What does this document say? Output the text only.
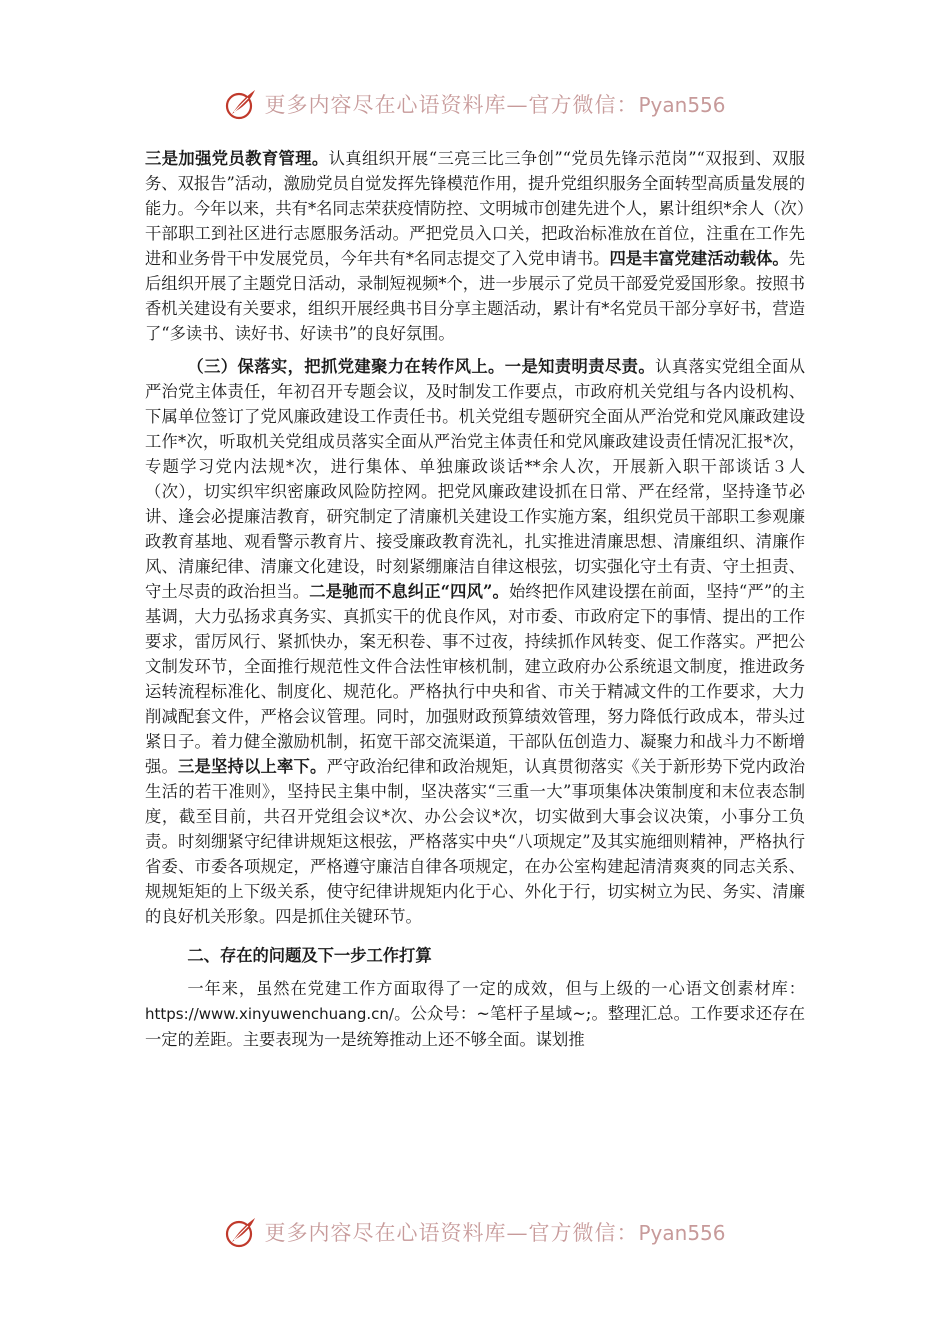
更多内容尽在心语资料库—官方微信：Pyan556

三是加强党员教育管理。认真组织开展“三亮三比三争创”“党员先锋示范岗”“双报到、双服务、双报告”活动，激励党员自觉发挥先锋模范作用，提升党组织服务全面转型高质量发展的能力。今年以来，共有*名同志荣获疫情防控、文明城市创建先进个人，累计组织*余人（次）干部职工到社区进行志愿服务活动。严把党员入口关，把政治标准放在首位，注重在工作先进和业务骨干中发展党员，今年共有*名同志提交了入党申请书。四是丰富党建活动载体。先后组织开展了主题党日活动，录制短视频*个，进一步展示了党员干部爱党爱国形象。按照书香机关建设有关要求，组织开展经典书目分享主题活动，累计有*名党员干部分享好书，营造了“多读书、读好书、好读书”的良好氛围。

（三）保落实，把抓党建聚力在转作风上。一是知责明责尽责。认真落实党组全面从严治党主体责任，年初召开专题会议，及时制发工作要点，市政府机关党组与各内设机构、下属单位签订了党风廉政建设工作责任书。机关党组专题研究全面从严治党和党风廉政建设工作*次，听取机关党组成员落实全面从严治党主体责任和党风廉政建设责任情况汇报*次，专题学习党内法规*次，进行集体、单独廉政谈话**余人次，开展新入职干部谈话３人（次），切实织牢织密廉政风险防控网。把党风廉政建设抓在日常、严在经常，坚持逢节必讲、逢会必提廉洁教育，研究制定了清廉机关建设工作实施方案，组织党员干部职工参观廉政教育基地、观看警示教育片、接受廉政教育洗礼，扎实推进清廉思想、清廉组织、清廉作风、清廉纪律、清廉文化建设，时刻紧绷廉洁自律这根弦，切实强化守土有责、守土担责、守土尽责的政治担当。二是驰而不息纠正“四风”。始终把作风建设摆在前面，坚持“严”的主基调，大力弘扬求真务实、真抓实干的优良作风，对市委、市政府定下的事情、提出的工作要求，雷厉风行、紧抓快办，案无积卷、事不过夜，持续抓作风转变、促工作落实。严把公文制发环节，全面推行规范性文件合法性审核机制，建立政府办公系统退文制度，推进政务运转流程标准化、制度化、规范化。严格执行中央和省、市关于精减文件的工作要求，大力削减配套文件，严格会议管理。同时，加强财政预算绩效管理，努力降低行政成本，带头过紧日子。着力健全激励机制，拓宽干部交流渠道，干部队伍创造力、凝聚力和战斗力不断增强。三是坚持以上率下。严守政治纪律和政治规矩，认真贯彻落实《关于新形势下党内政治生活的若干准则》，坚持民主集中制，坚决落实“三重一大”事项集体决策制度和末位表态制度，截至目前，共召开党组会议*次、办公会议*次，切实做到大事会议决策，小事分工负责。时刻绷紧守纪律讲规矩这根弦，严格落实中央“八项规定”及其实施细则精神，严格执行省委、市委各项规定，严格遵守廉洁自律各项规定，在办公室构建起清清爽爽的同志关系、规规矩矩的上下级关系，使守纪律讲规矩内化于心、外化于行，切实树立为民、务实、清廉的良好机关形象。四是抓住关键环节。

二、存在的问题及下一步工作打算

一年来，虽然在党建工作方面取得了一定的成效，但与上级的一心语文创素材库：https://www.xinyuwenchuang.cn/。公众号：~笔杆子星域~;。整理汇总。工作要求还存在一定的差距。主要表现为一是统筹推动上还不够全面。谋划推

更多内容尽在心语资料库—官方微信：Pyan556
